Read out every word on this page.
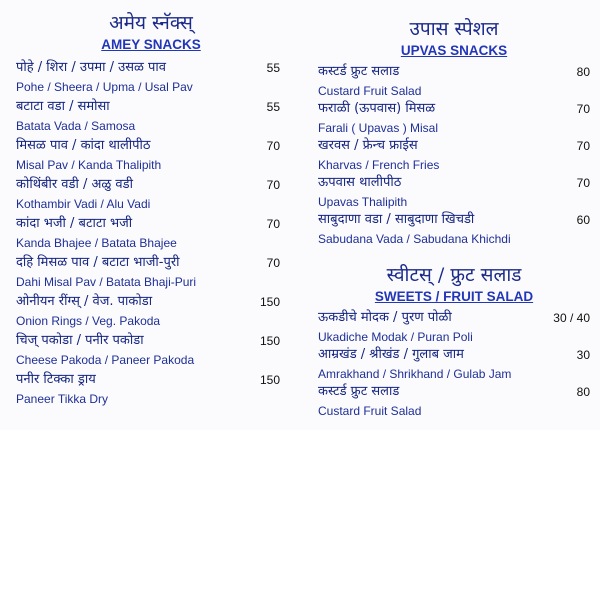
अमेय स्नॅक्स्
AMEY SNACKS
पोहे / शिरा / उपमा / उसळ पाव
Pohe / Sheera / Upma / Usal Pav
55
बटाटा वडा / समोसा
Batata Vada / Samosa
55
मिसळ पाव / कांदा थालीपीठ
Misal Pav / Kanda Thalipith
70
कोथिंबीर वडी / अळु वडी
Kothambir Vadi / Alu Vadi
70
कांदा भजी / बटाटा भजी
Kanda Bhajee / Batata Bhajee
70
दहि मिसळ पाव / बटाटा भाजी-पुरी
Dahi Misal Pav / Batata Bhaji-Puri
70
ओनीयन रींग्स् / वेज. पाकोडा
Onion Rings / Veg. Pakoda
150
चिज् पकोडा / पनीर पकोडा
Cheese Pakoda / Paneer Pakoda
150
पनीर टिक्का ड्राय
Paneer Tikka Dry
150
उपास स्पेशल
UPVAS SNACKS
कस्टर्ड फ्रुट सलाड
Custard Fruit Salad
80
फराळी (ऊपवास) मिसळ
Farali ( Upavas ) Misal
70
खरवस / फ्रेन्च फ्राईस
Kharvas / French Fries
70
ऊपवास थालीपीठ
Upavas Thalipith
70
साबुदाणा वडा / साबुदाणा खिचडी
Sabudana Vada / Sabudana Khichdi
60
स्वीटस् / फ्रुट सलाड
SWEETS / FRUIT SALAD
ऊकडीचे मोदक / पुरण पोळी
Ukadiche Modak / Puran Poli
30 / 40
आम्रखंड / श्रीखंड / गुलाब जाम
Amrakhand / Shrikhand / Gulab Jam
30
कस्टर्ड फ्रुट सलाड
Custard Fruit Salad
80
